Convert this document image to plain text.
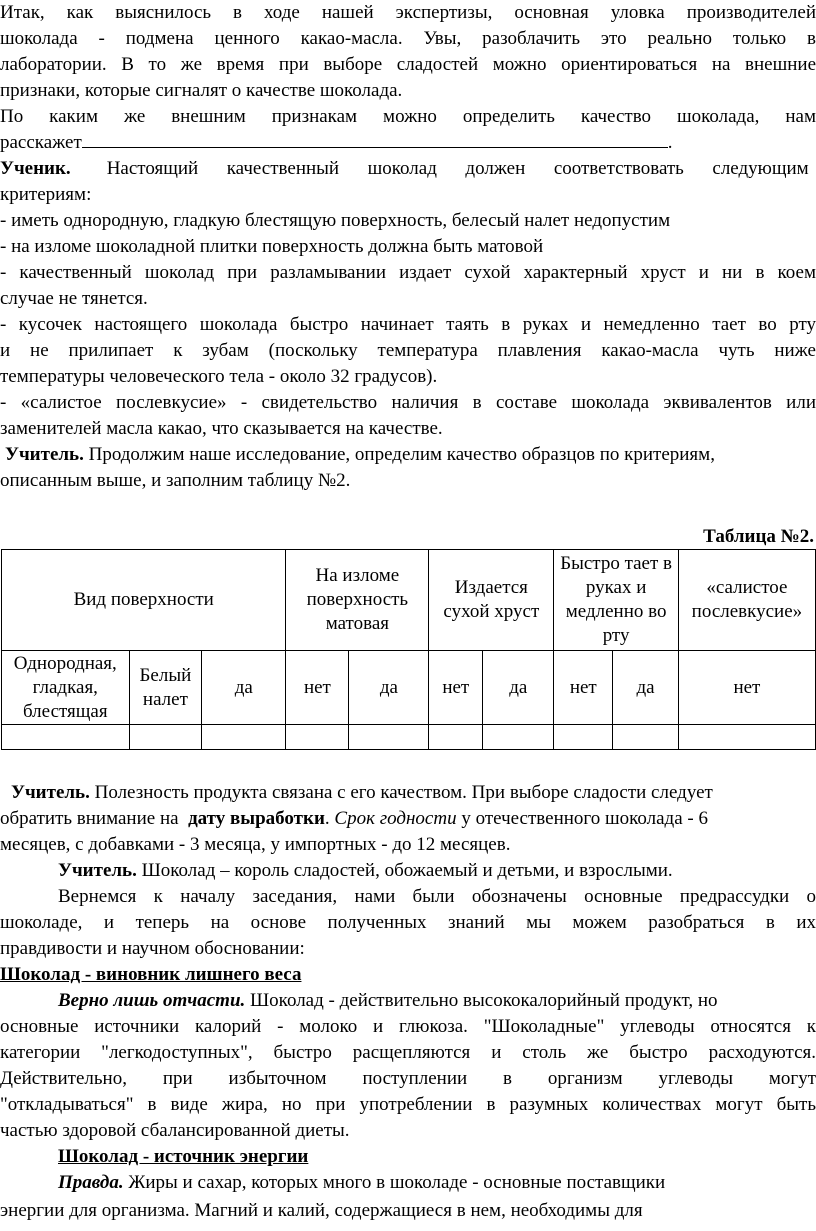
Итак, как выяснилось в ходе нашей экспертизы, основная уловка производителей
шоколада - подмена ценного какао-масла. Увы, разоблачить это реально только в
лаборатории. В то же время при выборе сладостей можно ориентироваться на внешние
признаки, которые сигналят о качестве шоколада.
По каким же внешним признакам можно определить качество шоколада, нам
расскажет	.
Ученик. Настоящий качественный шоколад должен соответствовать следующим
критериям:
- иметь однородную, гладкую блестящую поверхность, белесый налет недопустим
- на изломе шоколадной плитки поверхность должна быть матовой
- качественный шоколад при разламывании издает сухой характерный хруст и ни в коем
случае не тянется.
- кусочек настоящего шоколада быстро начинает таять в руках и немедленно тает во рту
и не прилипает к зубам (поскольку температура плавления какао-масла чуть ниже
температуры человеческого тела - около 32 градусов).
- «салистое послевкусие» - свидетельство наличия в составе шоколада эквивалентов или
заменителей масла какао, что сказывается на качестве.
Учитель. Продолжим наше исследование, определим качество образцов по критериям,
описанным выше, и заполним таблицу №2.
Таблица №2.
Вид поверхности			На изломе поверхность матовая		Издается сухой хруст		Быстро тает в руках и медленно во рту		«салистое послевкусие»
Однородная, гладкая, блестящая	Белый налет	да	нет	да	нет	да	нет	да	нет

Учитель. Полезность продукта связана с его качеством. При выборе сладости следует
обратить внимание на дату выработки. Срок годности у отечественного шоколада - 6
месяцев, с добавками - 3 месяца, у импортных - до 12 месяцев.
Учитель. Шоколад – король сладостей, обожаемый и детьми, и взрослыми.
Вернемся к началу заседания, нами были обозначены основные предрассудки о
шоколаде, и теперь на основе полученных знаний мы можем разобраться в их
правдивости и научном обосновании:
Шоколад - виновник лишнего веса
Верно лишь отчасти. Шоколад - действительно высококалорийный продукт, но
основные источники калорий - молоко и глюкоза. "Шоколадные" углеводы относятся к
категории "легкодоступных", быстро расщепляются и столь же быстро расходуются.
Действительно, при избыточном поступлении в организм углеводы могут
"откладываться" в виде жира, но при употреблении в разумных количествах могут быть
частью здоровой сбалансированной диеты.
Шоколад - источник энергии
Правда. Жиры и сахар, которых много в шоколаде - основные поставщики
энергии для организма. Магний и калий, содержащиеся в нем, необходимы для
